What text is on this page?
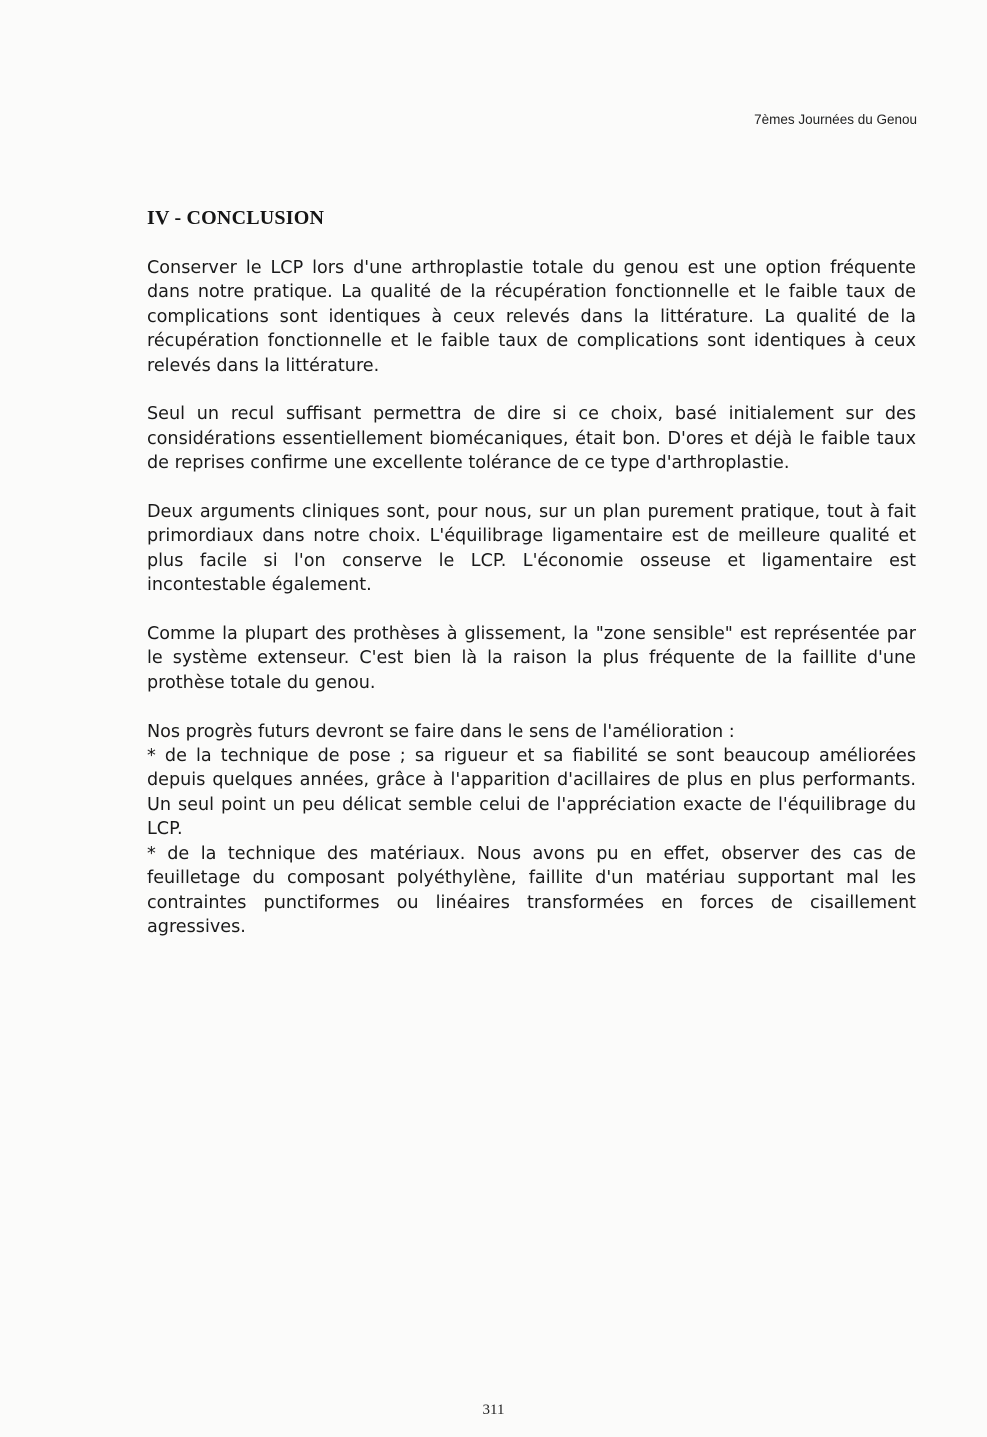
7èmes Journées du Genou
IV - CONCLUSION

Conserver le LCP lors d'une arthroplastie totale du genou est une option fréquente dans notre pratique. La qualité de la récupération fonctionnelle et le faible taux de complications sont identiques à ceux relevés dans la littérature. La qualité de la récupération fonctionnelle et le faible taux de complications sont identiques à ceux relevés dans la littérature.

Seul un recul suffisant permettra de dire si ce choix, basé initialement sur des considérations essentiellement biomécaniques, était bon. D'ores et déjà le faible taux de reprises confirme une excellente tolérance de ce type d'arthroplastie.

Deux arguments cliniques sont, pour nous, sur un plan purement pratique, tout à fait primordiaux dans notre choix. L'équilibrage ligamentaire est de meilleure qualité et plus facile si l'on conserve le LCP. L'économie osseuse et ligamentaire est incontestable également.

Comme la plupart des prothèses à glissement, la "zone sensible" est représentée par le système extenseur. C'est bien là la raison la plus fréquente de la faillite d'une prothèse totale du genou.

Nos progrès futurs devront se faire dans le sens de l'amélioration :

* de la technique de pose ; sa rigueur et sa fiabilité se sont beaucoup améliorées depuis quelques années, grâce à l'apparition d'acillaires de plus en plus performants. Un seul point un peu délicat semble celui de l'appréciation exacte de l'équilibrage du LCP.

* de la technique des matériaux. Nous avons pu en effet, observer des cas de feuilletage du composant polyéthylène, faillite d'un matériau supportant mal les contraintes punctiformes ou linéaires transformées en forces de cisaillement agressives.

311
